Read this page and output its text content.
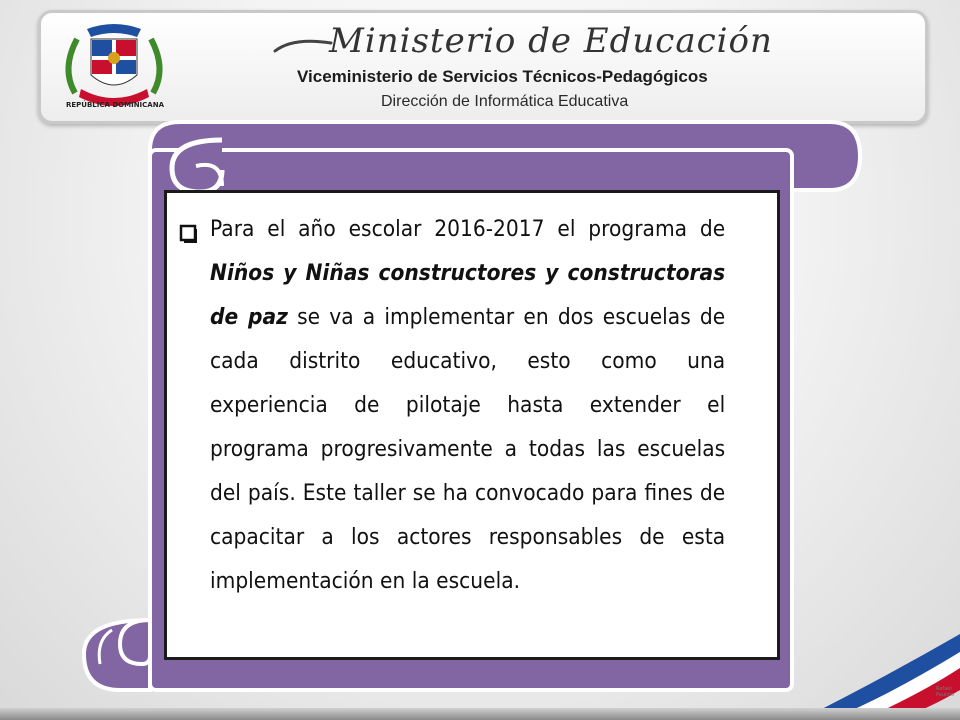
REPÚBLICA DOMINICANA
Ministerio de Educación
Viceministerio de Servicios Técnicos-Pedagógicos
Dirección de Informática Educativa
Para el año escolar 2016-2017 el programa de Niños y Niñas constructores y constructoras de paz se va a implementar en dos escuelas de cada distrito educativo, esto como una experiencia de pilotaje hasta extender el programa progresivamente a todas las escuelas del país. Este taller se ha convocado para fines de capacitar a los actores responsables de esta implementación en la escuela.
Rafael
Paulino
